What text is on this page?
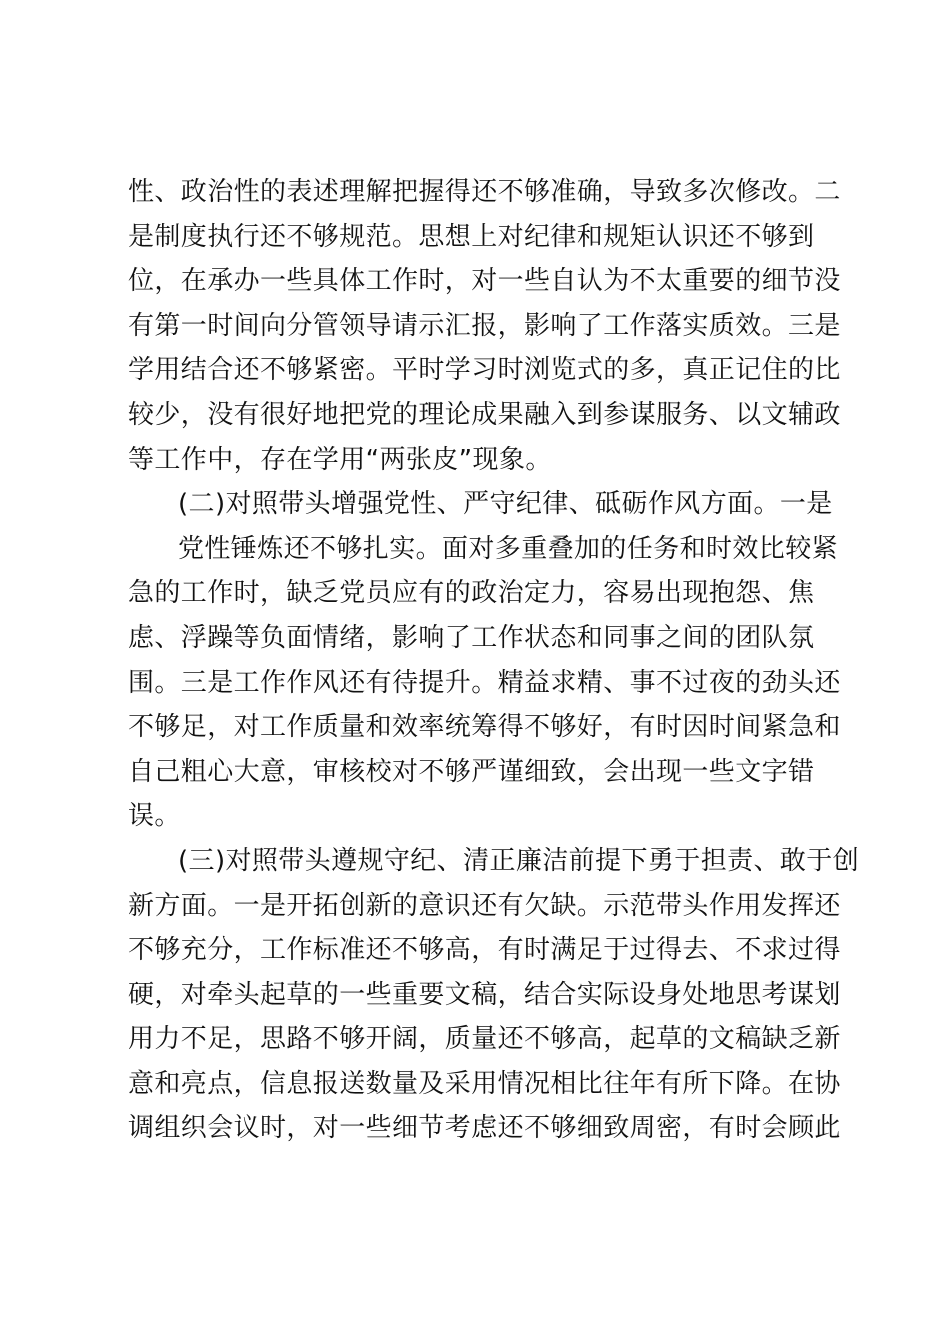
性、政治性的表述理解把握得还不够准确，导致多次修改。二
是制度执行还不够规范。思想上对纪律和规矩认识还不够到
位，在承办一些具体工作时，对一些自认为不太重要的细节没
有第一时间向分管领导请示汇报，影响了工作落实质效。三是
学用结合还不够紧密。平时学习时浏览式的多，真正记住的比
较少，没有很好地把党的理论成果融入到参谋服务、以文辅政
等工作中，存在学用“两张皮”现象。
(二)对照带头增强党性、严守纪律、砥砺作风方面。一是
党性锤炼还不够扎实。面对多重叠加的任务和时效比较紧
急的工作时，缺乏党员应有的政治定力，容易出现抱怨、焦
虑、浮躁等负面情绪，影响了工作状态和同事之间的团队氛
围。三是工作作风还有待提升。精益求精、事不过夜的劲头还
不够足，对工作质量和效率统筹得不够好，有时因时间紧急和
自己粗心大意，审核校对不够严谨细致，会出现一些文字错
误。
(三)对照带头遵规守纪、清正廉洁前提下勇于担责、敢于创
新方面。一是开拓创新的意识还有欠缺。示范带头作用发挥还
不够充分，工作标准还不够高，有时满足于过得去、不求过得
硬，对牵头起草的一些重要文稿，结合实际设身处地思考谋划
用力不足，思路不够开阔，质量还不够高，起草的文稿缺乏新
意和亮点，信息报送数量及采用情况相比往年有所下降。在协
调组织会议时，对一些细节考虑还不够细致周密，有时会顾此
